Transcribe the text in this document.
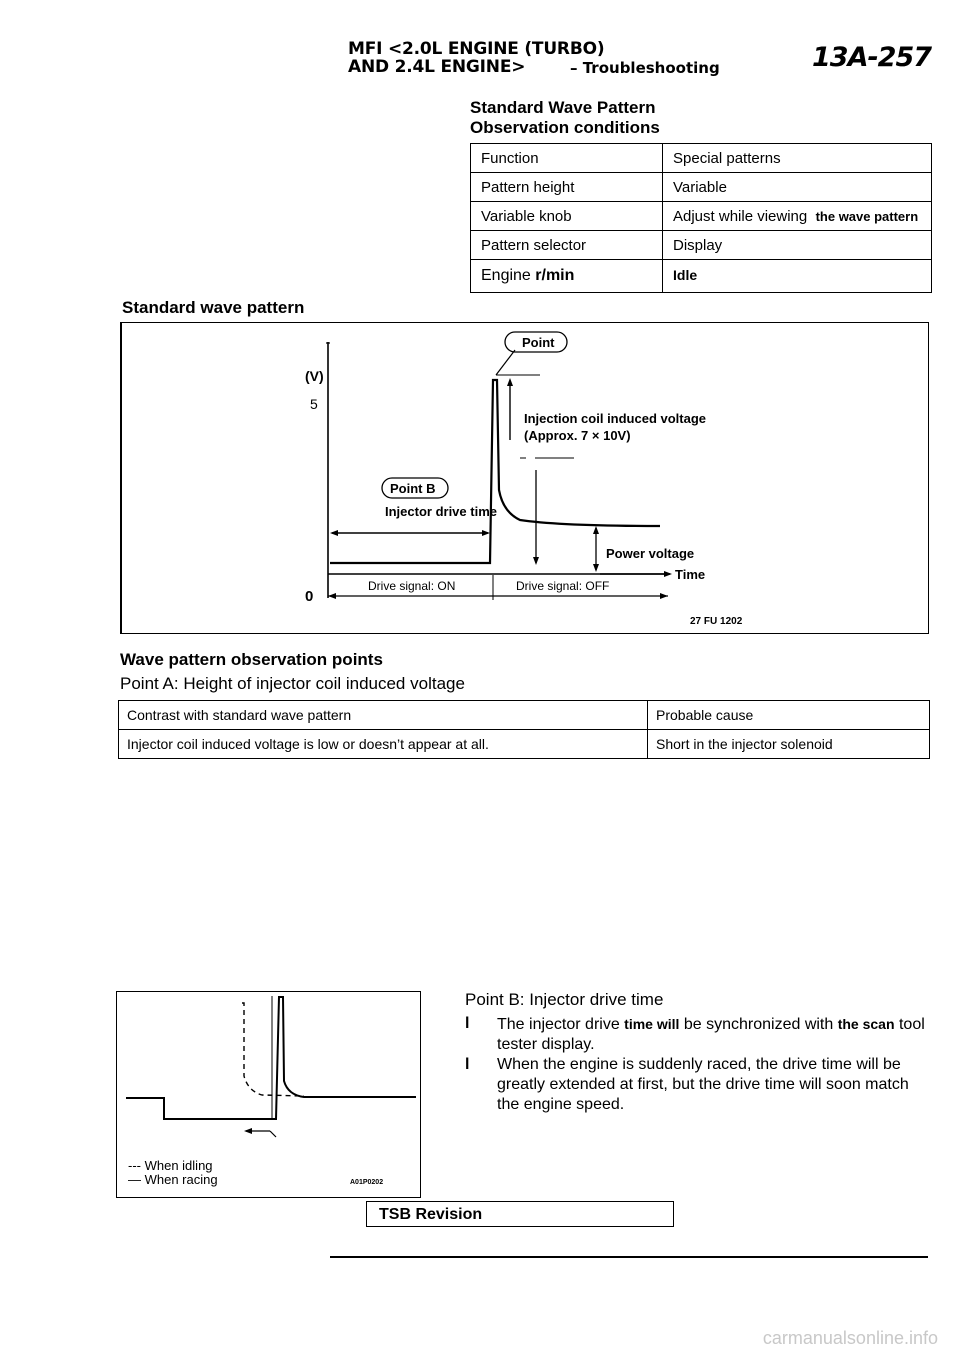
MFI <2.0L ENGINE (TURBO)
AND 2.4L ENGINE>	– Troubleshooting	13A-257
Standard Wave Pattern
Observation conditions
Function	Special patterns
Pattern height	Variable
Variable knob	Adjust while viewing the wave pattern
Pattern selector	Display
Engine r/min	Idle
Standard wave pattern
(V)
5
0
Point
Injection coil induced voltage
(Approx. 7 × 10V)
Point B
Injector drive time
Power voltage
Time
Drive signal: ON	Drive signal: OFF
27 FU 1202
Wave pattern observation points
Point A: Height of injector coil induced voltage
Contrast with standard wave pattern	Probable cause
Injector coil induced voltage is low or doesn’t appear at all.	Short in the injector solenoid
--- When idling
— When racing	A01P0202
Point B: Injector drive time
l The injector drive time will be synchronized with the scan tool tester display.
l When the engine is suddenly raced, the drive time will be greatly extended at first, but the drive time will soon match the engine speed.
TSB Revision
carmanualsonline.info
